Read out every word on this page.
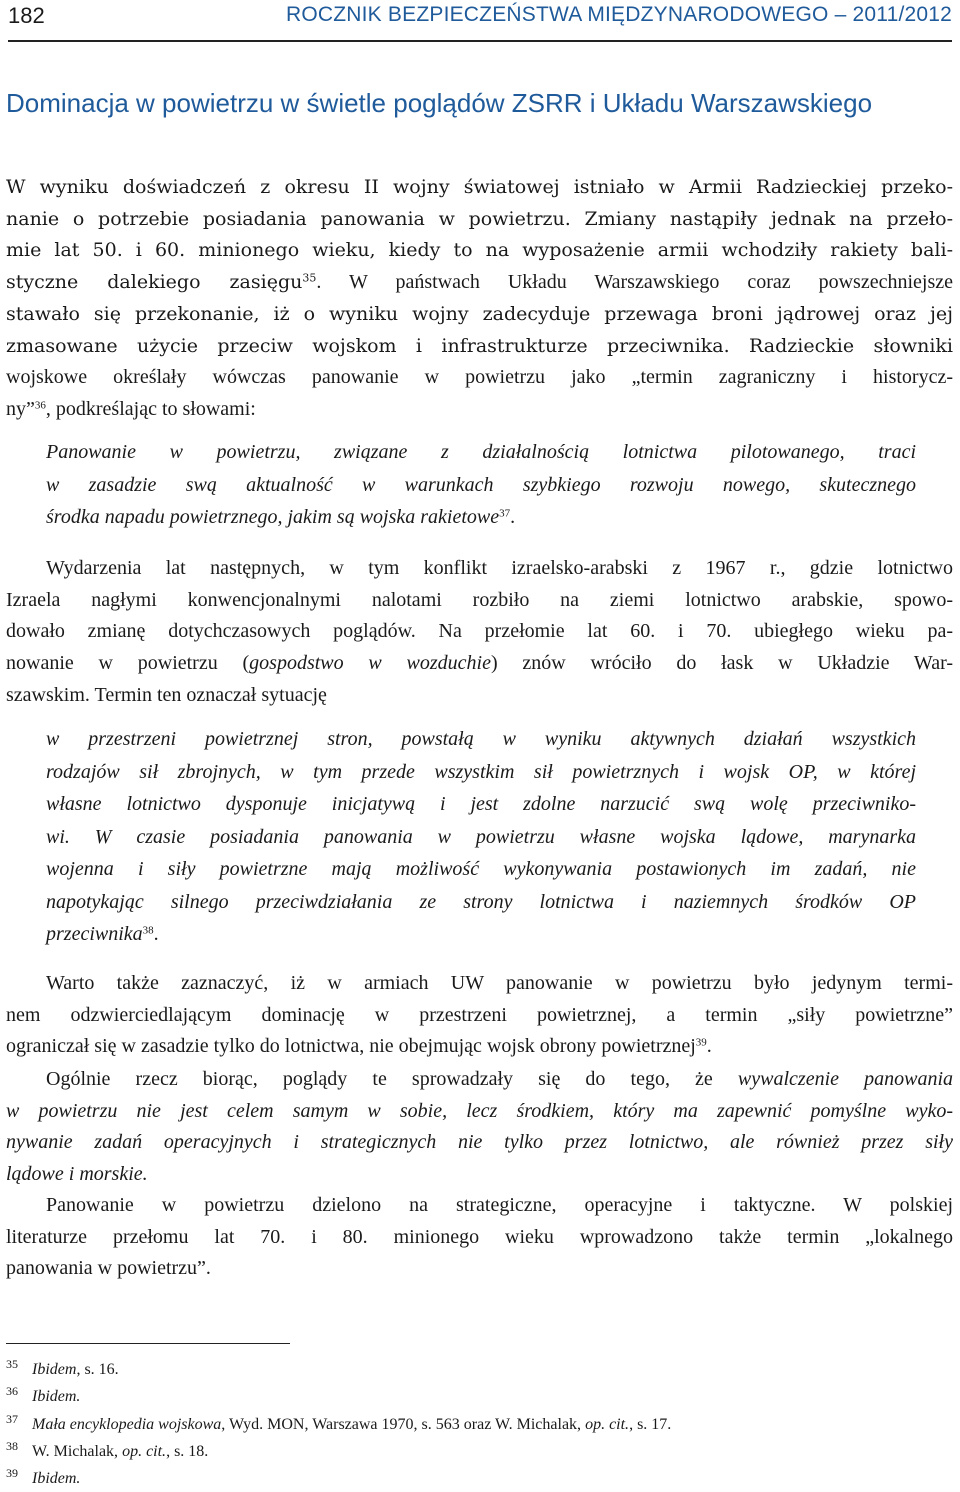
182	ROCZNIK BEZPIECZEŃSTWA MIĘDZYNARODOWEGO – 2011/2012
Dominacja w powietrzu w świetle poglądów ZSRR i Układu Warszawskiego
W wyniku doświadczeń z okresu II wojny światowej istniało w Armii Radzieckiej przeko-
nanie o potrzebie posiadania panowania w powietrzu. Zmiany nastąpiły jednak na przeło-
mie lat 50. i 60. minionego wieku, kiedy to na wyposażenie armii wchodziły rakiety bali-
styczne dalekiego zasięgu$^{35}$. W państwach Układu Warszawskiego coraz powszechniejsze
stawało się przekonanie, iż o wyniku wojny zadecyduje przewaga broni jądrowej oraz jej
zmasowane użycie przeciw wojskom i infrastrukturze przeciwnika. Radzieckie słowniki
wojskowe określały wówczas panowanie w powietrzu jako „termin zagraniczny i historycz-
ny”$^{36}$, podkreślając to słowami:
Panowanie w powietrzu, związane z działalnością lotnictwa pilotowanego, traci
w zasadzie swą aktualność w warunkach szybkiego rozwoju nowego, skutecznego
środka napadu powietrznego, jakim są wojska rakietowe$^{37}$.
Wydarzenia lat następnych, w tym konflikt izraelsko-arabski z 1967 r., gdzie lotnictwo
Izraela nagłymi konwencjonalnymi nalotami rozbiło na ziemi lotnictwo arabskie, spowo-
dowało zmianę dotychczasowych poglądów. Na przełomie lat 60. i 70. ubiegłego wieku pa-
nowanie w powietrzu (gospodstwo w wozduchie) znów wróciło do łask w Układzie War-
szawskim. Termin ten oznaczał sytuację
w przestrzeni powietrznej stron, powstałą w wyniku aktywnych działań wszystkich
rodzajów sił zbrojnych, w tym przede wszystkim sił powietrznych i wojsk OP, w której
własne lotnictwo dysponuje inicjatywą i jest zdolne narzucić swą wolę przeciwniko-
wi. W czasie posiadania panowania w powietrzu własne wojska lądowe, marynarka
wojenna i siły powietrzne mają możliwość wykonywania postawionych im zadań, nie
napotykając silnego przeciwdziałania ze strony lotnictwa i naziemnych środków OP
przeciwnika$^{38}$.
Warto także zaznaczyć, iż w armiach UW panowanie w powietrzu było jedynym termi-
nem odzwierciedlającym dominację w przestrzeni powietrznej, a termin „siły powietrzne”
ograniczał się w zasadzie tylko do lotnictwa, nie obejmując wojsk obrony powietrznej$^{39}$.
Ogólnie rzecz biorąc, poglądy te sprowadzały się do tego, że wywalczenie panowania
w powietrzu nie jest celem samym w sobie, lecz środkiem, który ma zapewnić pomyślne wyko-
nywanie zadań operacyjnych i strategicznych nie tylko przez lotnictwo, ale również przez siły
lądowe i morskie.
Panowanie w powietrzu dzielono na strategiczne, operacyjne i taktyczne. W polskiej
literaturze przełomu lat 70. i 80. minionego wieku wprowadzono także termin „lokalnego
panowania w powietrzu”.
35 Ibidem, s. 16.
36 Ibidem.
37 Mała encyklopedia wojskowa, Wyd. MON, Warszawa 1970, s. 563 oraz W. Michalak, op. cit., s. 17.
38 W. Michalak, op. cit., s. 18.
39 Ibidem.
